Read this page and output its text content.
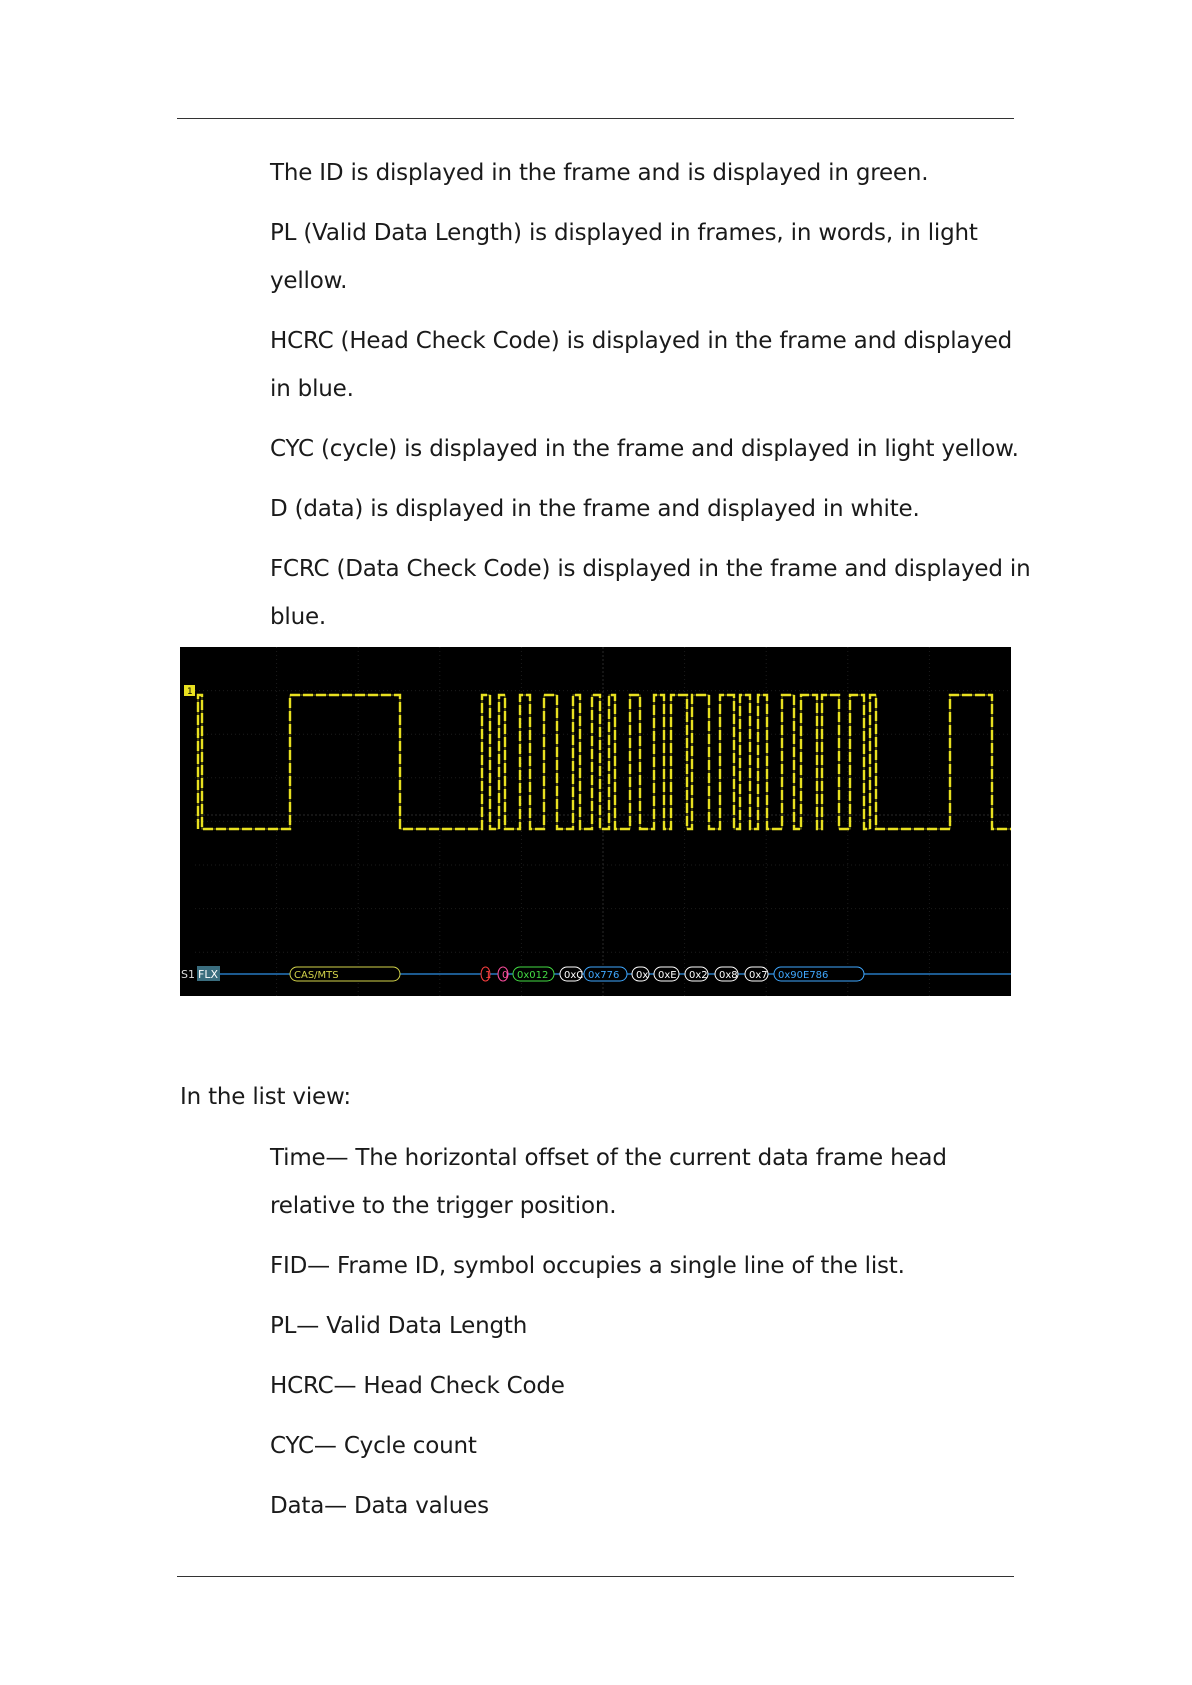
The ID is displayed in the frame and is displayed in green.

PL (Valid Data Length) is displayed in frames, in words, in light

yellow.

HCRC (Head Check Code) is displayed in the frame and displayed

in blue.

CYC (cycle) is displayed in the frame and displayed in light yellow.

D (data) is displayed in the frame and displayed in white.

FCRC (Data Check Code) is displayed in the frame and displayed in

blue.

1
S1 FLX	CAS/MTS	1 0 0x012 0xC 0x776 0x 0xE 0x2 0x8 0x7 0x90E786

In the list view:

Time— The horizontal offset of the current data frame head

relative to the trigger position.

FID— Frame ID, symbol occupies a single line of the list.

PL— Valid Data Length

HCRC— Head Check Code

CYC— Cycle count

Data— Data values
